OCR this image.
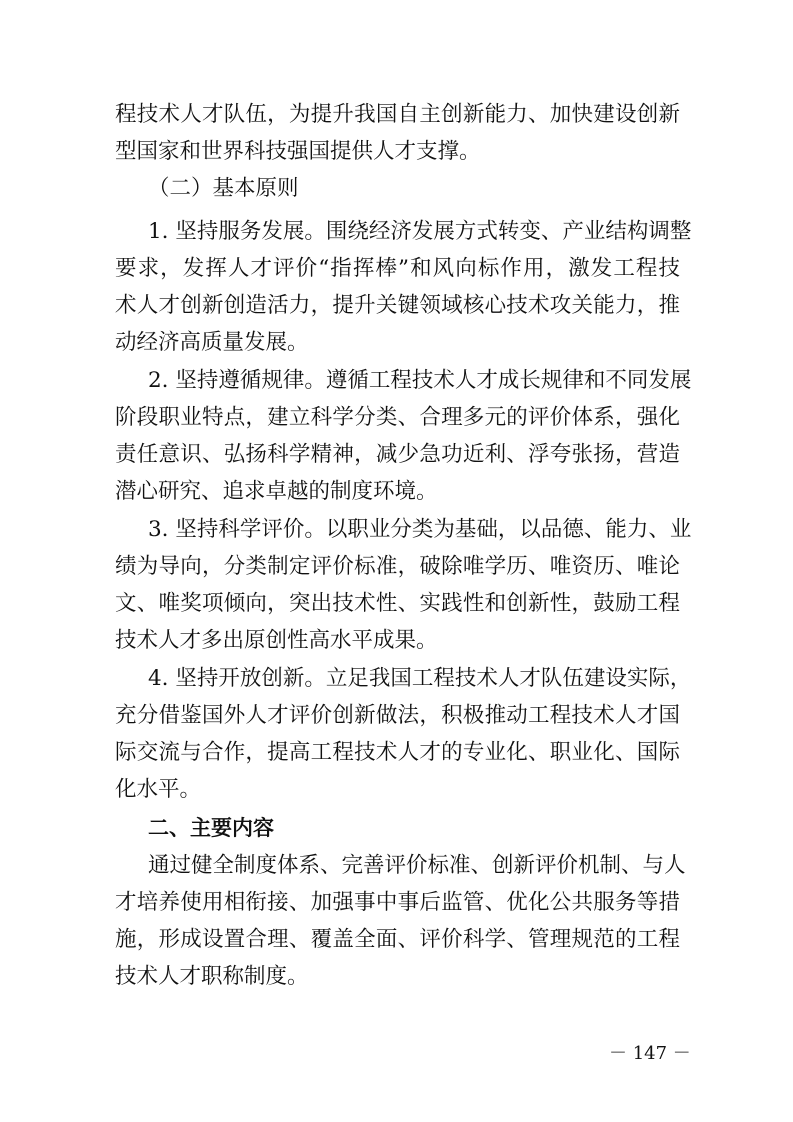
程技术人才队伍，为提升我国自主创新能力、加快建设创新
型国家和世界科技强国提供人才支撑。
（二）基本原则
1. 坚持服务发展。围绕经济发展方式转变、产业结构调整
要求，发挥人才评价“指挥棒”和风向标作用，激发工程技
术人才创新创造活力，提升关键领域核心技术攻关能力，推
动经济高质量发展。
2. 坚持遵循规律。遵循工程技术人才成长规律和不同发展
阶段职业特点，建立科学分类、合理多元的评价体系，强化
责任意识、弘扬科学精神，减少急功近利、浮夸张扬，营造
潜心研究、追求卓越的制度环境。
3. 坚持科学评价。以职业分类为基础，以品德、能力、业
绩为导向，分类制定评价标准，破除唯学历、唯资历、唯论
文、唯奖项倾向，突出技术性、实践性和创新性，鼓励工程
技术人才多出原创性高水平成果。
4. 坚持开放创新。立足我国工程技术人才队伍建设实际，
充分借鉴国外人才评价创新做法，积极推动工程技术人才国
际交流与合作，提高工程技术人才的专业化、职业化、国际
化水平。
二、主要内容
通过健全制度体系、完善评价标准、创新评价机制、与人
才培养使用相衔接、加强事中事后监管、优化公共服务等措
施，形成设置合理、覆盖全面、评价科学、管理规范的工程
技术人才职称制度。
－ 147 －
